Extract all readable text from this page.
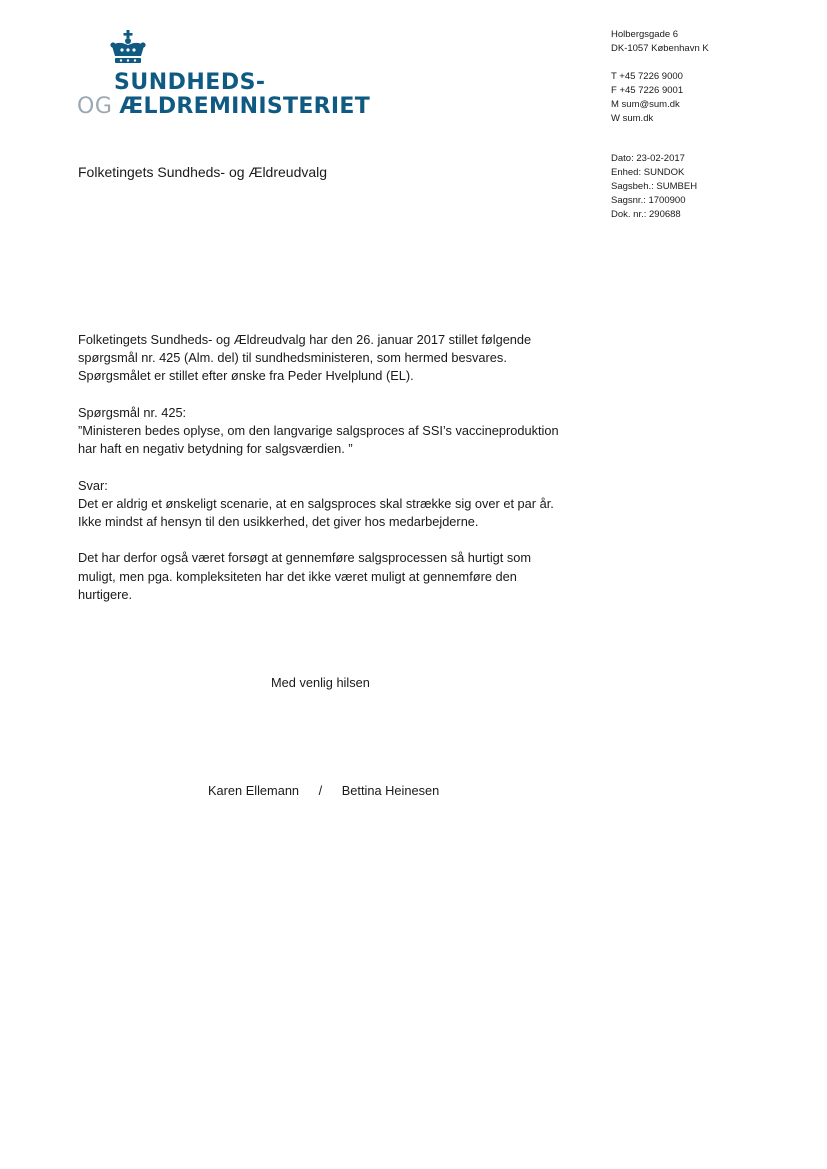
SUNDHEDS-
OG ÆLDREMINISTERIET
Holbergsgade 6
DK-1057 København K
T +45 7226 9000
F +45 7226 9001
M sum@sum.dk
W sum.dk
Dato: 23-02-2017
Enhed: SUNDOK
Sagsbeh.: SUMBEH
Sagsnr.: 1700900
Dok. nr.: 290688
Folketingets Sundheds- og Ældreudvalg

Folketingets Sundheds- og Ældreudvalg har den 26. januar 2017 stillet følgende

spørgsmål nr. 425 (Alm. del) til sundhedsministeren, som hermed besvares.

Spørgsmålet er stillet efter ønske fra Peder Hvelplund (EL).

Spørgsmål nr. 425:

”Ministeren bedes oplyse, om den langvarige salgsproces af SSI’s vaccineproduktion

har haft en negativ betydning for salgsværdien. ”

Svar:

Det er aldrig et ønskeligt scenarie, at en salgsproces skal strække sig over et par år.

Ikke mindst af hensyn til den usikkerhed, det giver hos medarbejderne.

Det har derfor også været forsøgt at gennemføre salgsprocessen så hurtigt som

muligt, men pga. kompleksiteten har det ikke været muligt at gennemføre den

hurtigere.

Med venlig hilsen
Karen Ellemann / Bettina Heinesen
